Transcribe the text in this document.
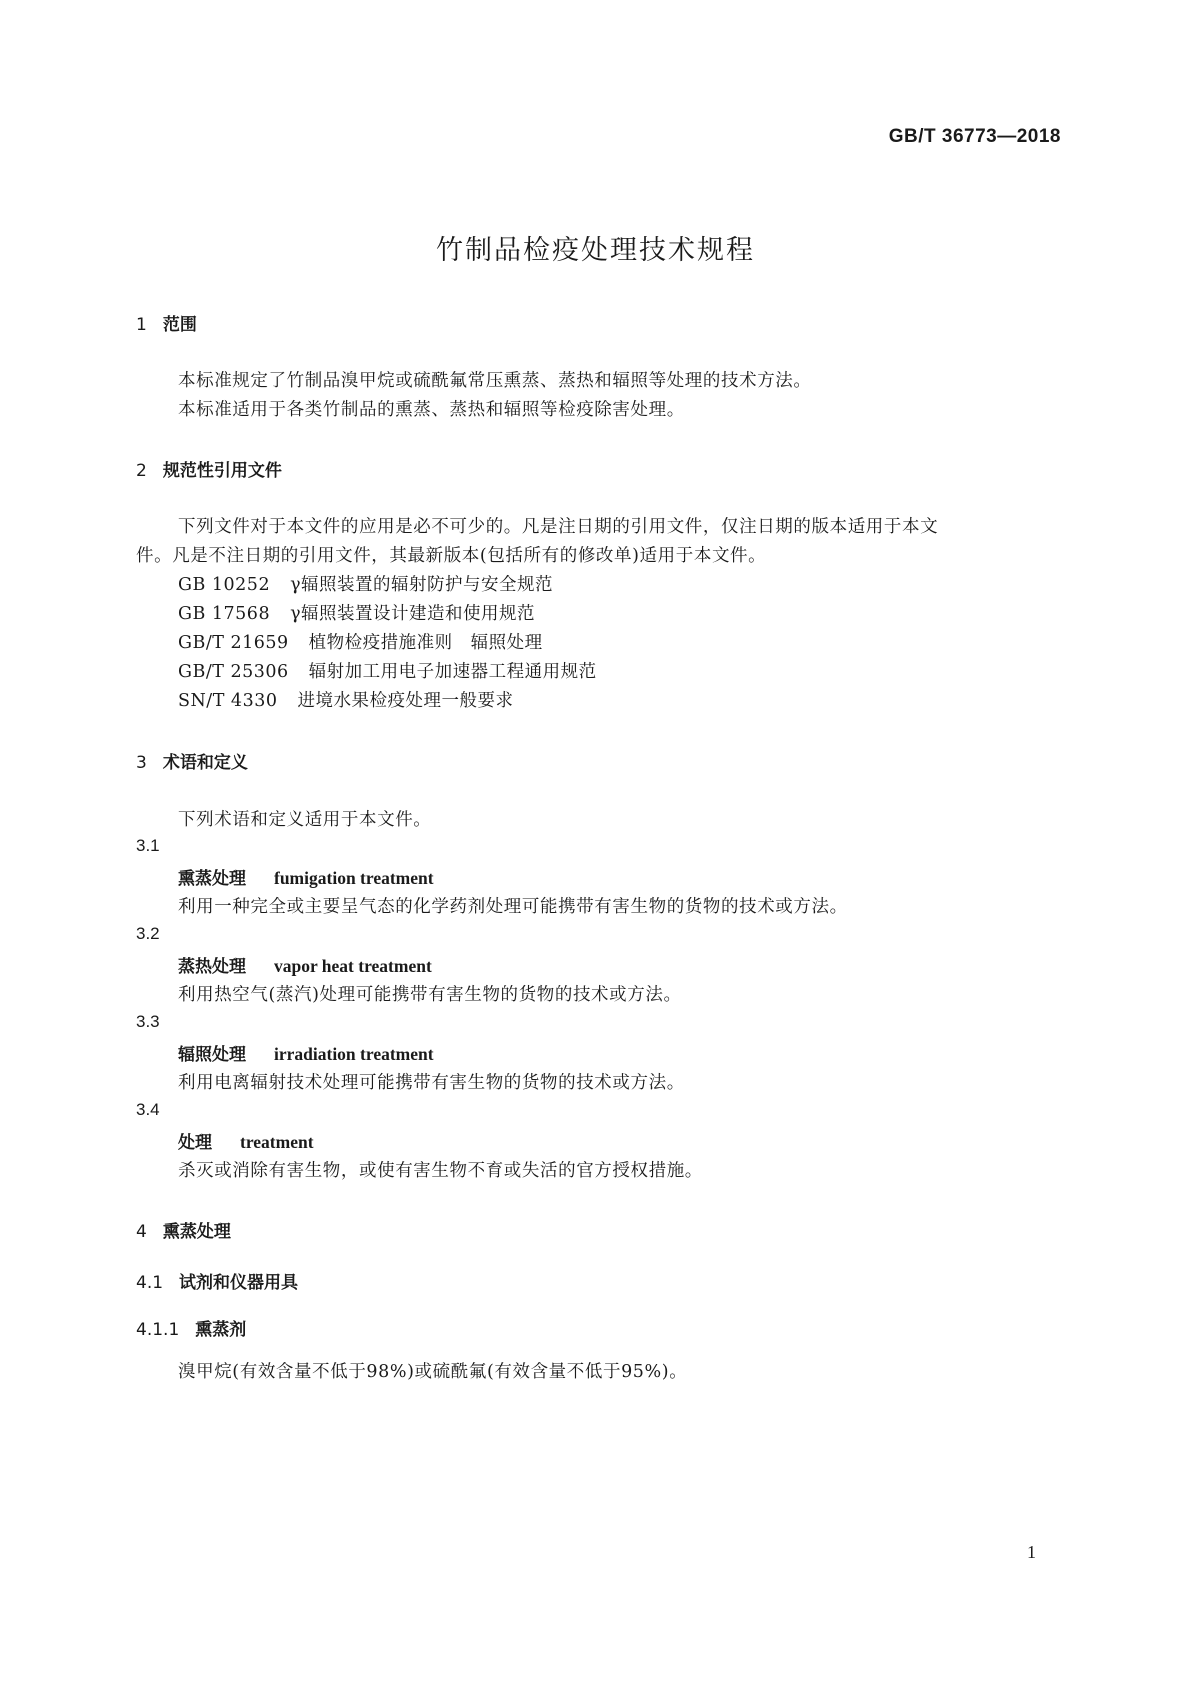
GB/T 36773—2018
竹制品检疫处理技术规程
1 范围
本标准规定了竹制品溴甲烷或硫酰氟常压熏蒸、蒸热和辐照等处理的技术方法。
本标准适用于各类竹制品的熏蒸、蒸热和辐照等检疫除害处理。
2 规范性引用文件
下列文件对于本文件的应用是必不可少的。凡是注日期的引用文件，仅注日期的版本适用于本文
件。凡是不注日期的引用文件，其最新版本(包括所有的修改单)适用于本文件。
GB 10252 γ辐照装置的辐射防护与安全规范
GB 17568 γ辐照装置设计建造和使用规范
GB/T 21659 植物检疫措施准则　辐照处理
GB/T 25306 辐射加工用电子加速器工程通用规范
SN/T 4330 进境水果检疫处理一般要求
3 术语和定义
下列术语和定义适用于本文件。
3.1
熏蒸处理 fumigation treatment
利用一种完全或主要呈气态的化学药剂处理可能携带有害生物的货物的技术或方法。
3.2
蒸热处理 vapor heat treatment
利用热空气(蒸汽)处理可能携带有害生物的货物的技术或方法。
3.3
辐照处理 irradiation treatment
利用电离辐射技术处理可能携带有害生物的货物的技术或方法。
3.4
处理 treatment
杀灭或消除有害生物，或使有害生物不育或失活的官方授权措施。
4 熏蒸处理
4.1 试剂和仪器用具
4.1.1 熏蒸剂
溴甲烷(有效含量不低于98%)或硫酰氟(有效含量不低于95%)。
1
